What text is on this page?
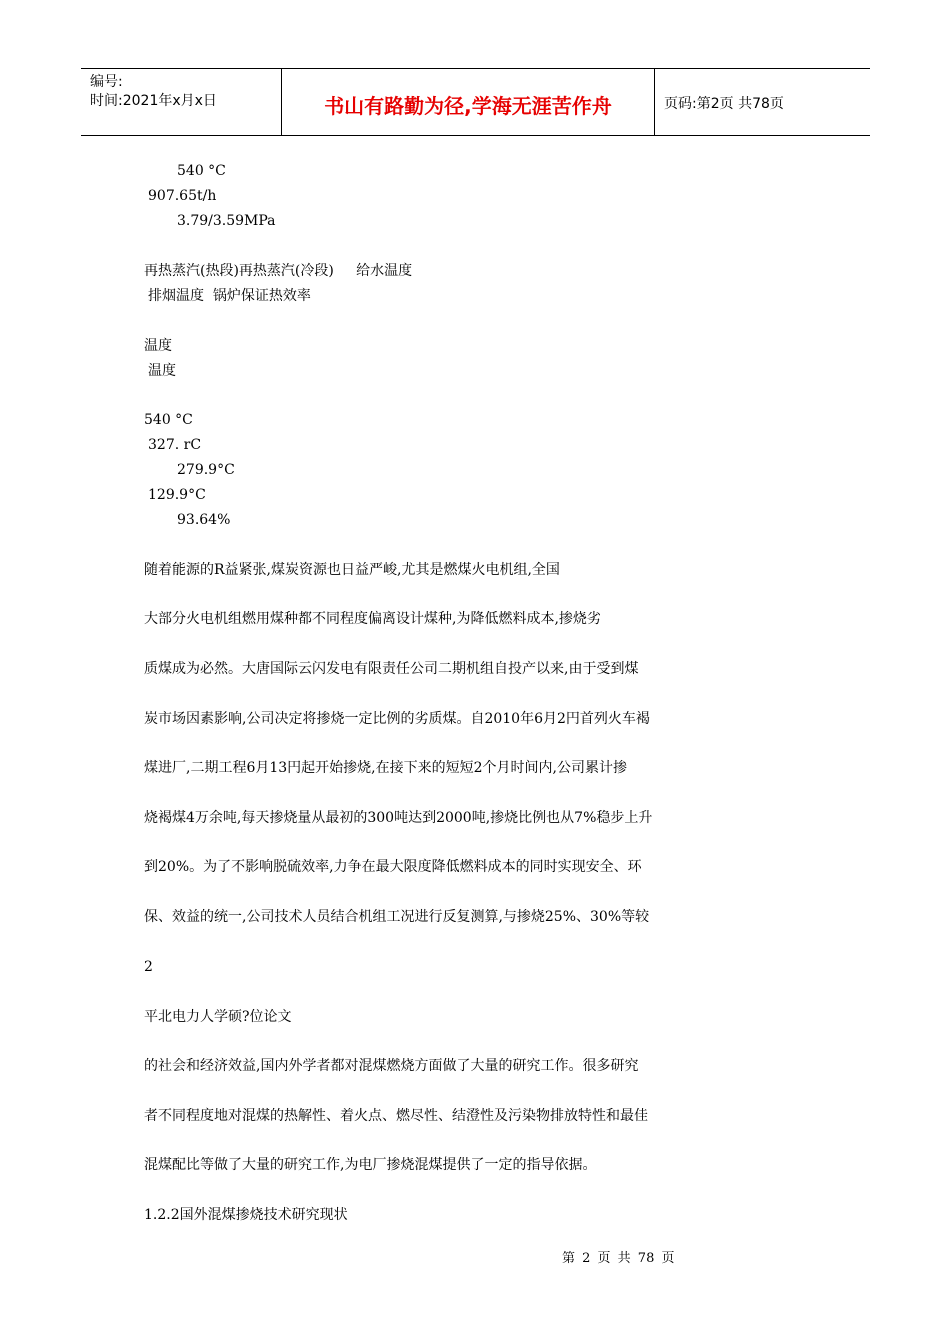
编号:
时间:2021年x月x日	书山有路勤为径,学海无涯苦作舟	页码:第2页 共78页
540 °C
907.65t/h
3.79/3.59MPa
再热蒸汽(热段)再热蒸汽(冷段)     给水温度
排烟温度  锅炉保证热效率
温度
温度
540 °C
327. rC
279.9°C
129.9°C
93.64%
随着能源的R益紧张,煤炭资源也日益严峻,尤其是燃煤火电机组,全国
大部分火电机组燃用煤种都不同程度偏离设计煤种,为降低燃料成本,掺烧劣
质煤成为必然。大唐国际云闪发电有限责任公司二期机组自投产以来,由于受到煤
炭市场因素影响,公司决定将掺烧一定比例的劣质煤。自2010年6月2円首列火车褐
煤进厂,二期工程6月13円起开始掺烧,在接下来的短短2个月时间内,公司累计掺
烧褐煤4万余吨,每天掺烧量从最初的300吨达到2000吨,掺烧比例也从7%稳步上升
到20%。为了不影响脱硫效率,力争在最大限度降低燃料成本的同时实现安全、环
保、效益的统一,公司技术人员结合机组工况进行反复测算,与掺烧25%、30%等较
2
平北电力人学硕?位论文
的社会和经济效益,国内外学者都对混煤燃烧方面做了大量的研究工作。很多研究
者不同程度地对混煤的热解性、着火点、燃尽性、结澄性及污染物排放特性和最佳
混煤配比等做了大量的研究工作,为电厂掺烧混煤提供了一定的指导依据。
1.2.2国外混煤掺烧技术研究现状
第 2 页 共 78 页
